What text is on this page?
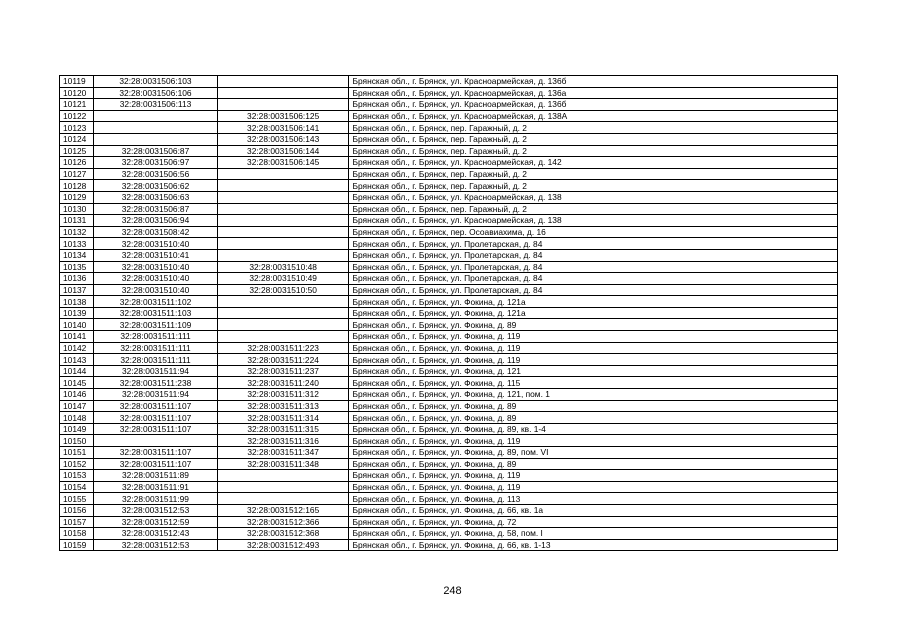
10119	32:28:0031506:103		Брянская обл., г. Брянск, ул. Красноармейская, д. 136б
10120	32:28:0031506:106		Брянская обл., г. Брянск, ул. Красноармейская, д. 136а
10121	32:28:0031506:113		Брянская обл., г. Брянск, ул. Красноармейская, д. 136б
10122		32:28:0031506:125	Брянская обл., г. Брянск, ул. Красноармейская, д. 138А
10123		32:28:0031506:141	Брянская обл., г. Брянск, пер. Гаражный, д. 2
10124		32:28:0031506:143	Брянская обл., г. Брянск, пер. Гаражный, д. 2
10125	32:28:0031506:87	32:28:0031506:144	Брянская обл., г. Брянск, пер. Гаражный, д. 2
10126	32:28:0031506:97	32:28:0031506:145	Брянская обл., г. Брянск, ул. Красноармейская, д. 142
10127	32:28:0031506:56		Брянская обл., г. Брянск, пер. Гаражный, д. 2
10128	32:28:0031506:62		Брянская обл., г. Брянск, пер. Гаражный, д. 2
10129	32:28:0031506:63		Брянская обл., г. Брянск, ул. Красноармейская, д. 138
10130	32:28:0031506:87		Брянская обл., г. Брянск, пер. Гаражный, д. 2
10131	32:28:0031506:94		Брянская обл., г. Брянск, ул. Красноармейская, д. 138
10132	32:28:0031508:42		Брянская обл., г. Брянск, пер. Осоавиахима, д. 16
10133	32:28:0031510:40		Брянская обл., г. Брянск, ул. Пролетарская, д. 84
10134	32:28:0031510:41		Брянская обл., г. Брянск, ул. Пролетарская, д. 84
10135	32:28:0031510:40	32:28:0031510:48	Брянская обл., г. Брянск, ул. Пролетарская, д. 84
10136	32:28:0031510:40	32:28:0031510:49	Брянская обл., г. Брянск, ул. Пролетарская, д. 84
10137	32:28:0031510:40	32:28:0031510:50	Брянская обл., г. Брянск, ул. Пролетарская, д. 84
10138	32:28:0031511:102		Брянская обл., г. Брянск, ул. Фокина, д. 121а
10139	32:28:0031511:103		Брянская обл., г. Брянск, ул. Фокина, д. 121а
10140	32:28:0031511:109		Брянская обл., г. Брянск, ул. Фокина, д. 89
10141	32:28:0031511:111		Брянская обл., г. Брянск, ул. Фокина, д. 119
10142	32:28:0031511:111	32:28:0031511:223	Брянская обл., г. Брянск, ул. Фокина, д. 119
10143	32:28:0031511:111	32:28:0031511:224	Брянская обл., г. Брянск, ул. Фокина, д. 119
10144	32:28:0031511:94	32:28:0031511:237	Брянская обл., г. Брянск, ул. Фокина, д. 121
10145	32:28:0031511:238	32:28:0031511:240	Брянская обл., г. Брянск, ул. Фокина, д. 115
10146	32:28:0031511:94	32:28:0031511:312	Брянская обл., г. Брянск, ул. Фокина, д. 121, пом. 1
10147	32:28:0031511:107	32:28:0031511:313	Брянская обл., г. Брянск, ул. Фокина, д. 89
10148	32:28:0031511:107	32:28:0031511:314	Брянская обл., г. Брянск, ул. Фокина, д. 89
10149	32:28:0031511:107	32:28:0031511:315	Брянская обл., г. Брянск, ул. Фокина, д. 89, кв. 1-4
10150		32:28:0031511:316	Брянская обл., г. Брянск, ул. Фокина, д. 119
10151	32:28:0031511:107	32:28:0031511:347	Брянская обл., г. Брянск, ул. Фокина, д. 89, пом. VI
10152	32:28:0031511:107	32:28:0031511:348	Брянская обл., г. Брянск, ул. Фокина, д. 89
10153	32:28:0031511:89		Брянская обл., г. Брянск, ул. Фокина, д. 119
10154	32:28:0031511:91		Брянская обл., г. Брянск, ул. Фокина, д. 119
10155	32:28:0031511:99		Брянская обл., г. Брянск, ул. Фокина, д. 113
10156	32:28:0031512:53	32:28:0031512:165	Брянская обл., г. Брянск, ул. Фокина, д. 66, кв. 1а
10157	32:28:0031512:59	32:28:0031512:366	Брянская обл., г. Брянск, ул. Фокина, д. 72
10158	32:28:0031512:43	32:28:0031512:368	Брянская обл., г. Брянск, ул. Фокина, д. 58, пом. I
10159	32:28:0031512:53	32:28:0031512:493	Брянская обл., г. Брянск, ул. Фокина, д. 66, кв. 1-13
248
